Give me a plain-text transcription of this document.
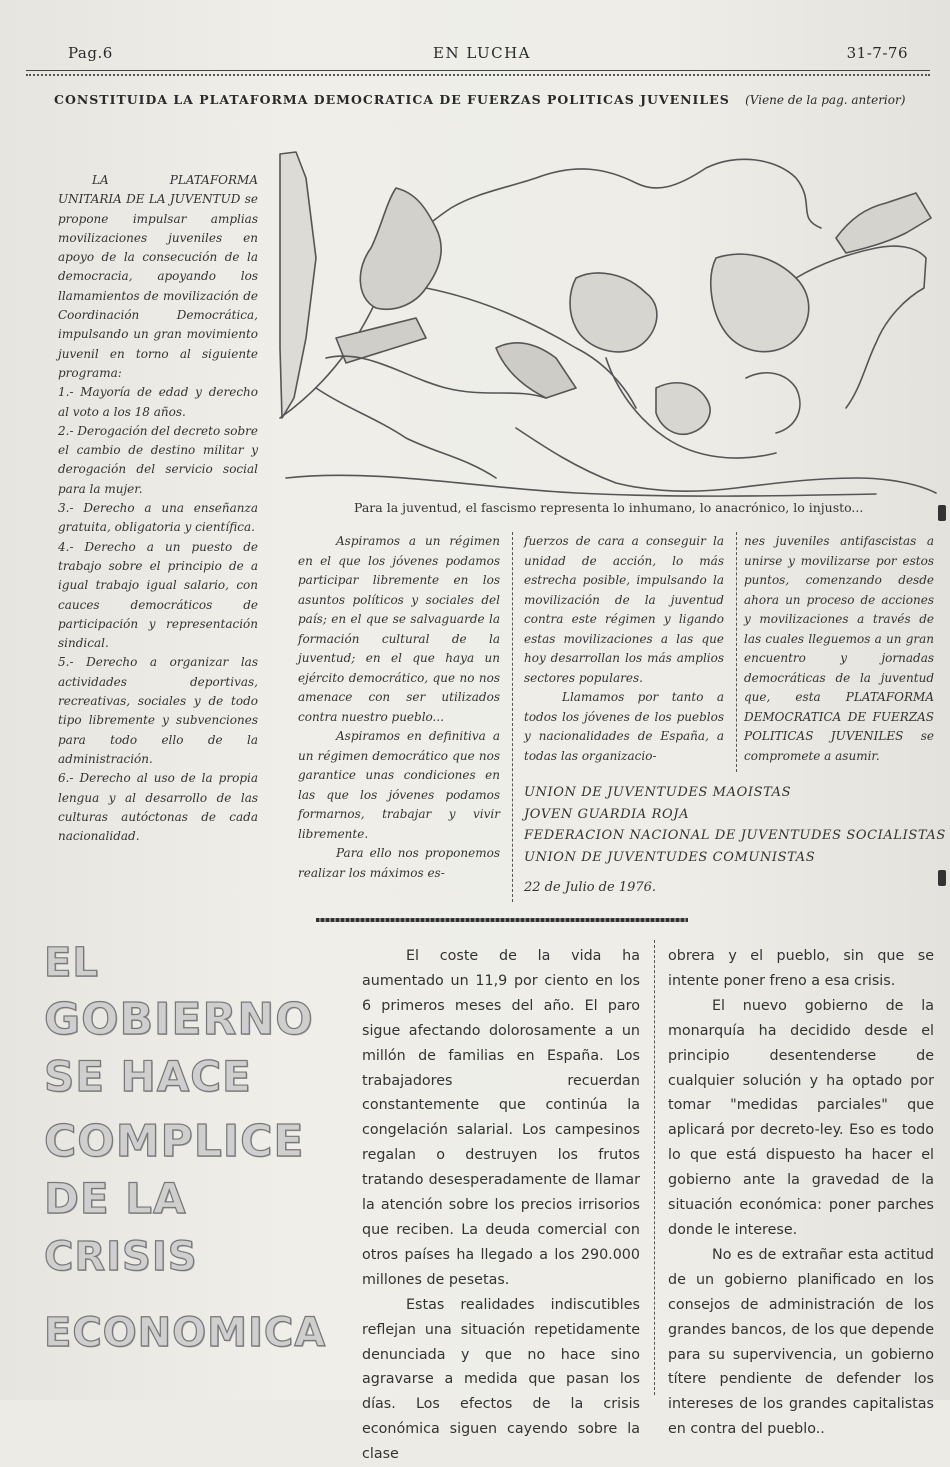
Pag.6	EN LUCHA	31-7-76
CONSTITUIDA LA PLATAFORMA DEMOCRATICA DE FUERZAS POLITICAS JUVENILES (Viene de la pag. anterior)

LA PLATAFORMA UNITARIA DE LA JUVENTUD se propone impulsar amplias movilizaciones juveniles en apoyo de la consecución de la democracia, apoyando los llamamientos de movilización de Coordinación Democrática, impulsando un gran movimiento juvenil en torno al siguiente programa:

1.- Mayoría de edad y derecho al voto a los 18 años.

2.- Derogación del decreto sobre el cambio de destino militar y derogación del servicio social para la mujer.

3.- Derecho a una enseñanza gratuita, obligatoria y científica.

4.- Derecho a un puesto de trabajo sobre el principio de a igual trabajo igual salario, con cauces democráticos de participación y representación sindical.

5.- Derecho a organizar las actividades deportivas, recreativas, sociales y de todo tipo libremente y subvenciones para todo ello de la administración.

6.- Derecho al uso de la propia lengua y al desarrollo de las culturas autóctonas de cada nacionalidad.

Para la juventud, el fascismo representa lo inhumano, lo anacrónico, lo injusto...

Aspiramos a un régimen en el que los jóvenes podamos participar libremente en los asuntos políticos y sociales del país; en el que se salvaguarde la formación cultural de la juventud; en el que haya un ejército democrático, que no nos amenace con ser utilizados contra nuestro pueblo...

Aspiramos en definitiva a un régimen democrático que nos garantice unas condiciones en las que los jóvenes podamos formarnos, trabajar y vivir libremente.

Para ello nos proponemos realizar los máximos es-

fuerzos de cara a conseguir la unidad de acción, lo más estrecha posible, impulsando la movilización de la juventud contra este régimen y ligando estas movilizaciones a las que hoy desarrollan los más amplios sectores populares.

Llamamos por tanto a todos los jóvenes de los pueblos y nacionalidades de España, a todas las organizacio-

nes juveniles antifascistas a unirse y movilizarse por estos puntos, comenzando desde ahora un proceso de acciones y movilizaciones a través de las cuales lleguemos a un gran encuentro y jornadas democráticas de la juventud que, esta PLATAFORMA DEMOCRATICA DE FUERZAS POLITICAS JUVENILES se compromete a asumir.

UNION DE JUVENTUDES MAOISTAS
JOVEN GUARDIA ROJA
FEDERACION NACIONAL DE JUVENTUDES SOCIALISTAS
UNION DE JUVENTUDES COMUNISTAS
22 de Julio de 1976.
EL
GOBIERNO
SE HACE
COMPLICE
DE LA
CRISIS
ECONOMICA

El coste de la vida ha aumentado un 11,9 por ciento en los 6 primeros meses del año. El paro sigue afectando dolorosamente a un millón de familias en España. Los trabajadores recuerdan constantemente que continúa la congelación salarial. Los campesinos regalan o destruyen los frutos tratando desesperadamente de llamar la atención sobre los precios irrisorios que reciben. La deuda comercial con otros países ha llegado a los 290.000 millones de pesetas.

Estas realidades indiscutibles reflejan una situación repetidamente denunciada y que no hace sino agravarse a medida que pasan los días. Los efectos de la crisis económica siguen cayendo sobre la clase

obrera y el pueblo, sin que se intente poner freno a esa crisis.

El nuevo gobierno de la monarquía ha decidido desde el principio desentenderse de cualquier solución y ha optado por tomar "medidas parciales" que aplicará por decreto-ley. Eso es todo lo que está dispuesto ha hacer el gobierno ante la gravedad de la situación económica: poner parches donde le interese.

No es de extrañar esta actitud de un gobierno planificado en los consejos de administración de los grandes bancos, de los que depende para su supervivencia, un gobierno títere pendiente de defender los intereses de los grandes capitalistas en contra del pueblo..
